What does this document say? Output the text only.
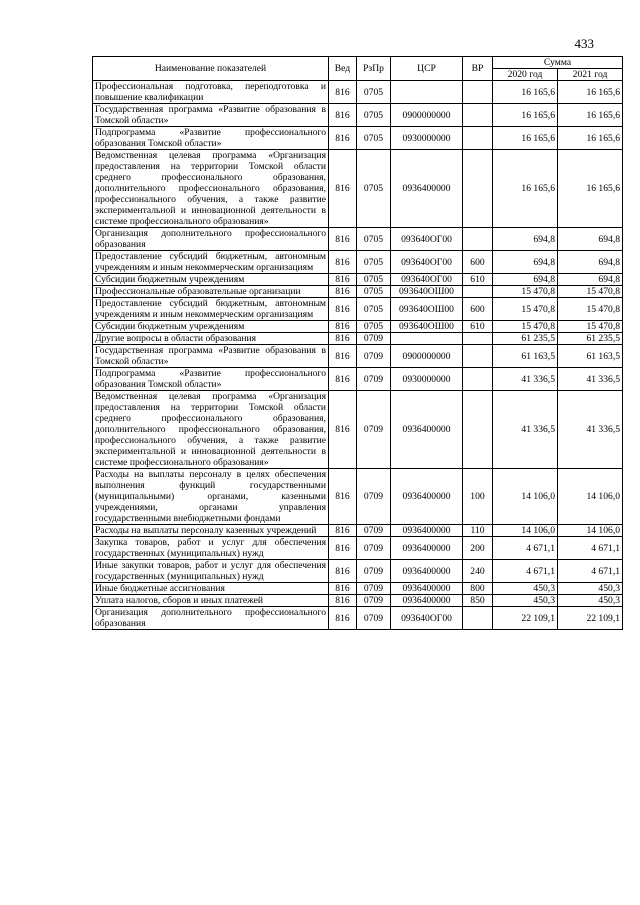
433
Наименование показателей	Вед	РзПр	ЦСР	ВР	Сумма	
					2020 год	2021 год
Профессиональная подготовка, переподготовка и повышение квалификации	816	0705			16 165,6	16 165,6
Государственная программа «Развитие образования в Томской области»	816	0705	0900000000		16 165,6	16 165,6
Подпрограмма «Развитие профессионального образования Томской области»	816	0705	0930000000		16 165,6	16 165,6
Ведомственная целевая программа «Организация предоставления на территории Томской области среднего профессионального образования, дополнительного профессионального образования, профессионального обучения, а также развитие экспериментальной и инновационной деятельности в системе профессионального образования»	816	0705	0936400000		16 165,6	16 165,6
Организация дополнительного профессионального образования	816	0705	093640ОГ00		694,8	694,8
Предоставление субсидий бюджетным, автономным учреждениям и иным некоммерческим организациям	816	0705	093640ОГ00	600	694,8	694,8
Субсидии бюджетным учреждениям	816	0705	093640ОГ00	610	694,8	694,8
Профессиональные образовательные организации	816	0705	093640ОШ00		15 470,8	15 470,8
Предоставление субсидий бюджетным, автономным учреждениям и иным некоммерческим организациям	816	0705	093640ОШ00	600	15 470,8	15 470,8
Субсидии бюджетным учреждениям	816	0705	093640ОШ00	610	15 470,8	15 470,8
Другие вопросы в области образования	816	0709			61 235,5	61 235,5
Государственная программа «Развитие образования в Томской области»	816	0709	0900000000		61 163,5	61 163,5
Подпрограмма «Развитие профессионального образования Томской области»	816	0709	0930000000		41 336,5	41 336,5
Ведомственная целевая программа «Организация предоставления на территории Томской области среднего профессионального образования, дополнительного профессионального образования, профессионального обучения, а также развитие экспериментальной и инновационной деятельности в системе профессионального образования»	816	0709	0936400000		41 336,5	41 336,5
Расходы на выплаты персоналу в целях обеспечения выполнения функций государственными (муниципальными) органами, казенными учреждениями, органами управления государственными внебюджетными фондами	816	0709	0936400000	100	14 106,0	14 106,0
Расходы на выплаты персоналу казенных учреждений	816	0709	0936400000	110	14 106,0	14 106,0
Закупка товаров, работ и услуг для обеспечения государственных (муниципальных) нужд	816	0709	0936400000	200	4 671,1	4 671,1
Иные закупки товаров, работ и услуг для обеспечения государственных (муниципальных) нужд	816	0709	0936400000	240	4 671,1	4 671,1
Иные бюджетные ассигнования	816	0709	0936400000	800	450,3	450,3
Уплата налогов, сборов и иных платежей	816	0709	0936400000	850	450,3	450,3
Организация дополнительного профессионального образования	816	0709	093640ОГ00		22 109,1	22 109,1
